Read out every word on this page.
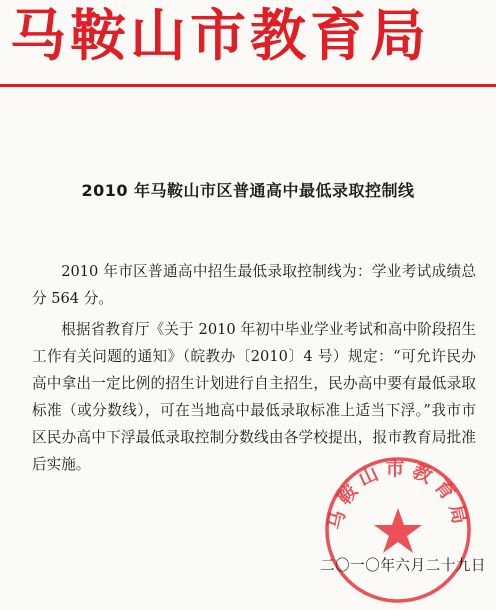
马鞍山市教育局
2010 年马鞍山市区普通高中最低录取控制线

2010 年市区普通高中招生最低录取控制线为：学业考试成绩总分 564 分。

根据省教育厅《关于 2010 年初中毕业学业考试和高中阶段招生工作有关问题的通知》（皖教办〔2010〕4 号）规定：“可允许民办高中拿出一定比例的招生计划进行自主招生，民办高中要有最低录取标准（或分数线），可在当地高中最低录取标准上适当下浮。”我市市区民办高中下浮最低录取控制分数线由各学校提出，报市教育局批准后实施。

马鞍山市教育局
二〇一〇年六月二十九日
